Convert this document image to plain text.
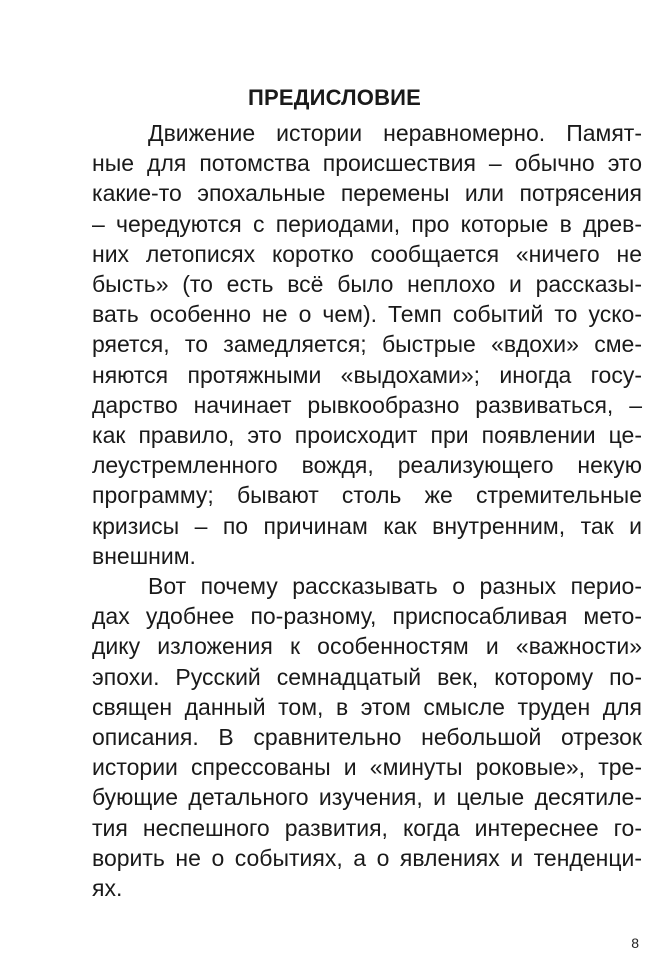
ПРЕДИСЛОВИЕ
Движение истории неравномерно. Памят-
ные для потомства происшествия – обычно это
какие-то эпохальные перемены или потрясения
– чередуются с периодами, про которые в древ-
них летописях коротко сообщается «ничего не
бысть» (то есть всё было неплохо и рассказы-
вать особенно не о чем). Темп событий то уско-
ряется, то замедляется; быстрые «вдохи» сме-
няются протяжными «выдохами»; иногда госу-
дарство начинает рывкообразно развиваться, –
как правило, это происходит при появлении це-
леустремленного вождя, реализующего некую
программу; бывают столь же стремительные
кризисы – по причинам как внутренним, так и
внешним.
Вот почему рассказывать о разных перио-
дах удобнее по-разному, приспосабливая мето-
дику изложения к особенностям и «важности»
эпохи. Русский семнадцатый век, которому по-
священ данный том, в этом смысле труден для
описания. В сравнительно небольшой отрезок
истории спрессованы и «минуты роковые», тре-
бующие детального изучения, и целые десятиле-
тия неспешного развития, когда интереснее го-
ворить не о событиях, а о явлениях и тенденци-
ях.
8
